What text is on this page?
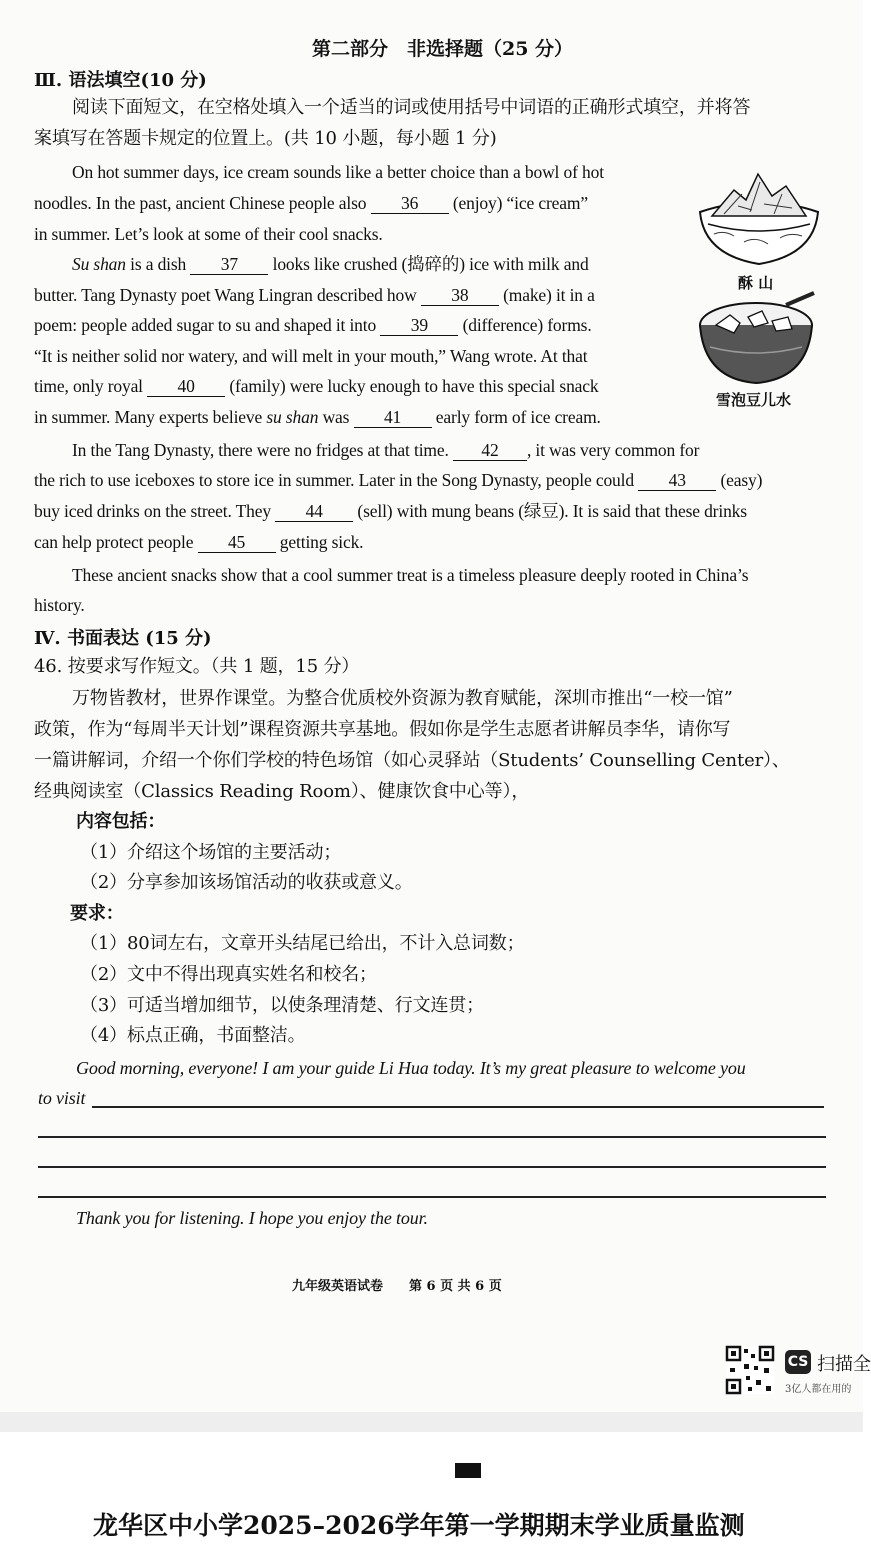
第二部分　非选择题（25 分）
Ⅲ. 语法填空(10 分)
阅读下面短文，在空格处填入一个适当的词或使用括号中词语的正确形式填空，并将答
案填写在答题卡规定的位置上。(共 10 小题，每小题 1 分)
On hot summer days, ice cream sounds like a better choice than a bowl of hot
noodles. In the past, ancient Chinese people also 36 (enjoy) “ice cream”
in summer. Let’s look at some of their cool snacks.
Su shan is a dish 37 looks like crushed (捣碎的) ice with milk and
butter. Tang Dynasty poet Wang Lingran described how 38 (make) it in a
poem: people added sugar to su and shaped it into 39 (difference) forms.
“It is neither solid nor watery, and will melt in your mouth,” Wang wrote. At that
time, only royal 40 (family) were lucky enough to have this special snack
in summer. Many experts believe su shan was 41 early form of ice cream.
酥 山
雪泡豆儿水
In the Tang Dynasty, there were no fridges at that time. 42 , it was very common for
the rich to use iceboxes to store ice in summer. Later in the Song Dynasty, people could 43 (easy)
buy iced drinks on the street. They 44 (sell) with mung beans (绿豆). It is said that these drinks
can help protect people 45 getting sick.
These ancient snacks show that a cool summer treat is a timeless pleasure deeply rooted in China’s
history.
Ⅳ. 书面表达 (15 分)
46. 按要求写作短文。（共 1 题，15 分）
万物皆教材，世界作课堂。为整合优质校外资源为教育赋能，深圳市推出“一校一馆”
政策，作为“每周半天计划”课程资源共享基地。假如你是学生志愿者讲解员李华，请你写
一篇讲解词，介绍一个你们学校的特色场馆（如心灵驿站（Students’ Counselling Center）、
经典阅读室（Classics Reading Room）、健康饮食中心等），
内容包括：
（1）介绍这个场馆的主要活动；
（2）分享参加该场馆活动的收获或意义。
要求：
（1）80词左右，文章开头结尾已给出，不计入总词数；
（2）文中不得出现真实姓名和校名；
（3）可适当增加细节，以使条理清楚、行文连贯；
（4）标点正确，书面整洁。
Good morning, everyone! I am your guide Li Hua today. It’s my great pleasure to welcome you
to visit
Thank you for listening. I hope you enjoy the tour.
九年级英语试卷　　第 6 页 共 6 页
CS 扫描全
3亿人都在用的
龙华区中小学2025–2026学年第一学期期末学业质量监测
